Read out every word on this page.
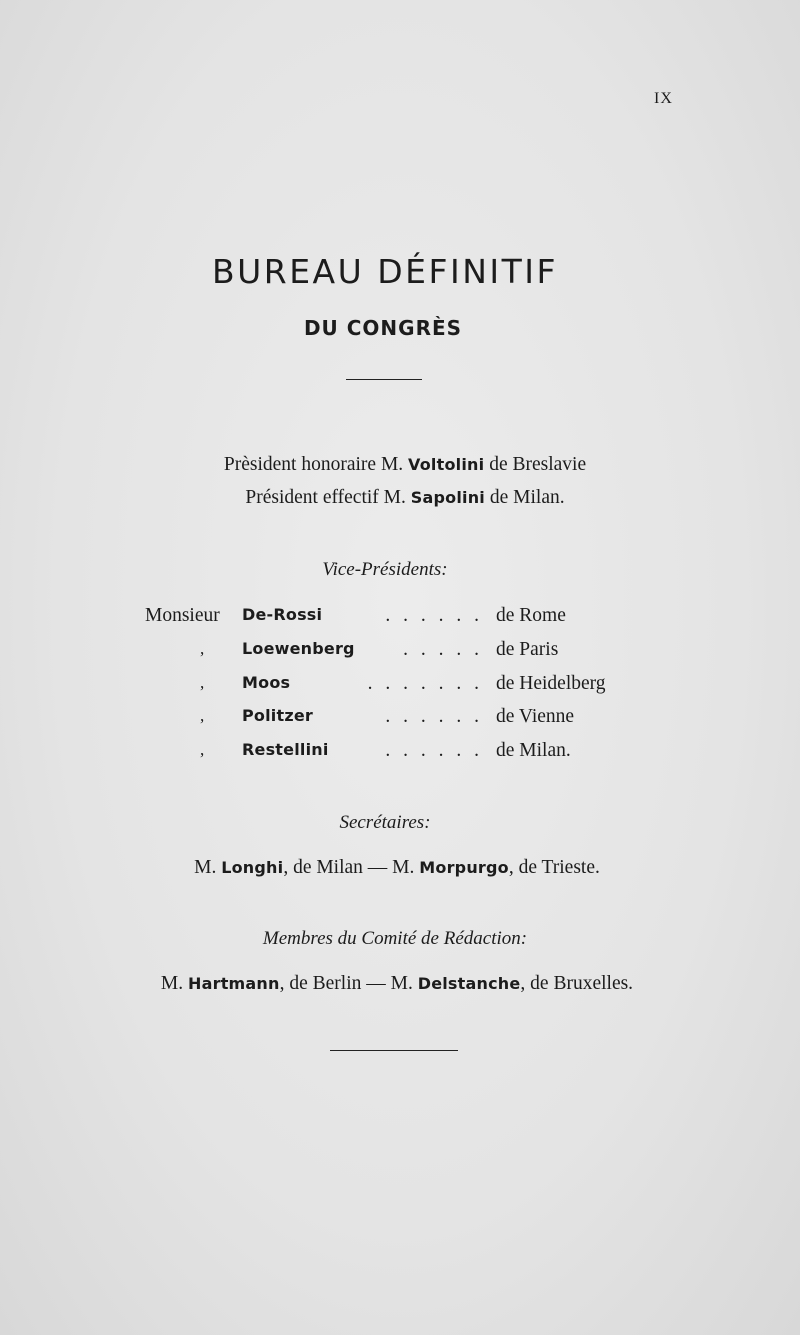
IX
BUREAU DÉFINITIF
DU CONGRÈS
Prèsident honoraire M. Voltolini de Breslavie
Président effectif M. Sapolini de Milan.
Vice-Présidents:
Monsieur De-Rossi	. . . . . . de Rome
, Loewenberg	. . . . . de Paris
, Moos	. . . . . . . de Heidelberg
, Politzer	. . . . . . de Vienne
, Restellini	. . . . . . de Milan.
Secrétaires:
M. Longhi, de Milan — M. Morpurgo, de Trieste.
Membres du Comité de Rédaction:
M. Hartmann, de Berlin — M. Delstanche, de Bruxelles.
